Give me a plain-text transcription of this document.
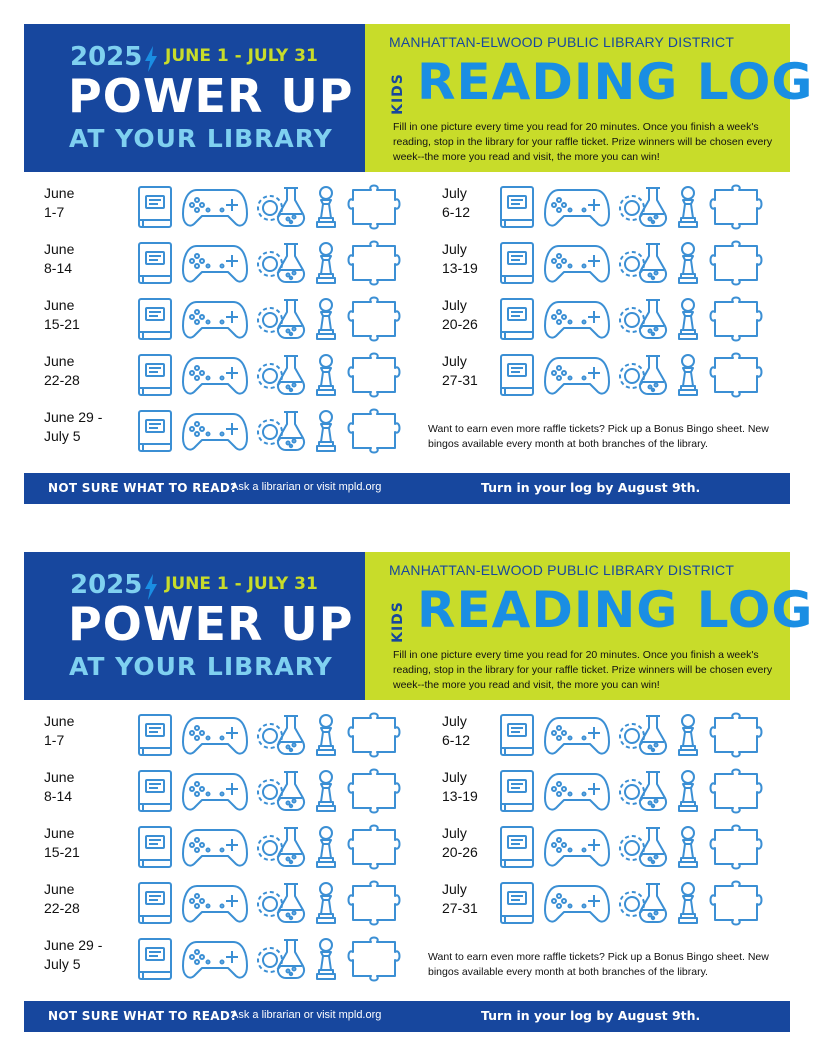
2025 JUNE 1 - JULY 31
POWER UP
AT YOUR LIBRARY
MANHATTAN-ELWOOD PUBLIC LIBRARY DISTRICT
KIDS READING LOG
Fill in one picture every time you read for 20 minutes. Once you finish a week's reading, stop in the library for your raffle ticket. Prize winners will be chosen every week--the more you read and visit, the more you can win!
June
1-7
June
8-14
June
15-21
June
22-28
June 29 -
July 5
July
6-12
July
13-19
July
20-26
July
27-31
Want to earn even more raffle tickets? Pick up a Bonus Bingo sheet. New bingos available every month at both branches of the library.
NOT SURE WHAT TO READ?
Ask a librarian or visit mpld.org	Turn in your log by August 9th.
2025 JUNE 1 - JULY 31
POWER UP
AT YOUR LIBRARY
MANHATTAN-ELWOOD PUBLIC LIBRARY DISTRICT
KIDS READING LOG
Fill in one picture every time you read for 20 minutes. Once you finish a week's reading, stop in the library for your raffle ticket. Prize winners will be chosen every week--the more you read and visit, the more you can win!
June
1-7
June
8-14
June
15-21
June
22-28
June 29 -
July 5
July
6-12
July
13-19
July
20-26
July
27-31
Want to earn even more raffle tickets? Pick up a Bonus Bingo sheet. New bingos available every month at both branches of the library.
NOT SURE WHAT TO READ?
Ask a librarian or visit mpld.org	Turn in your log by August 9th.
